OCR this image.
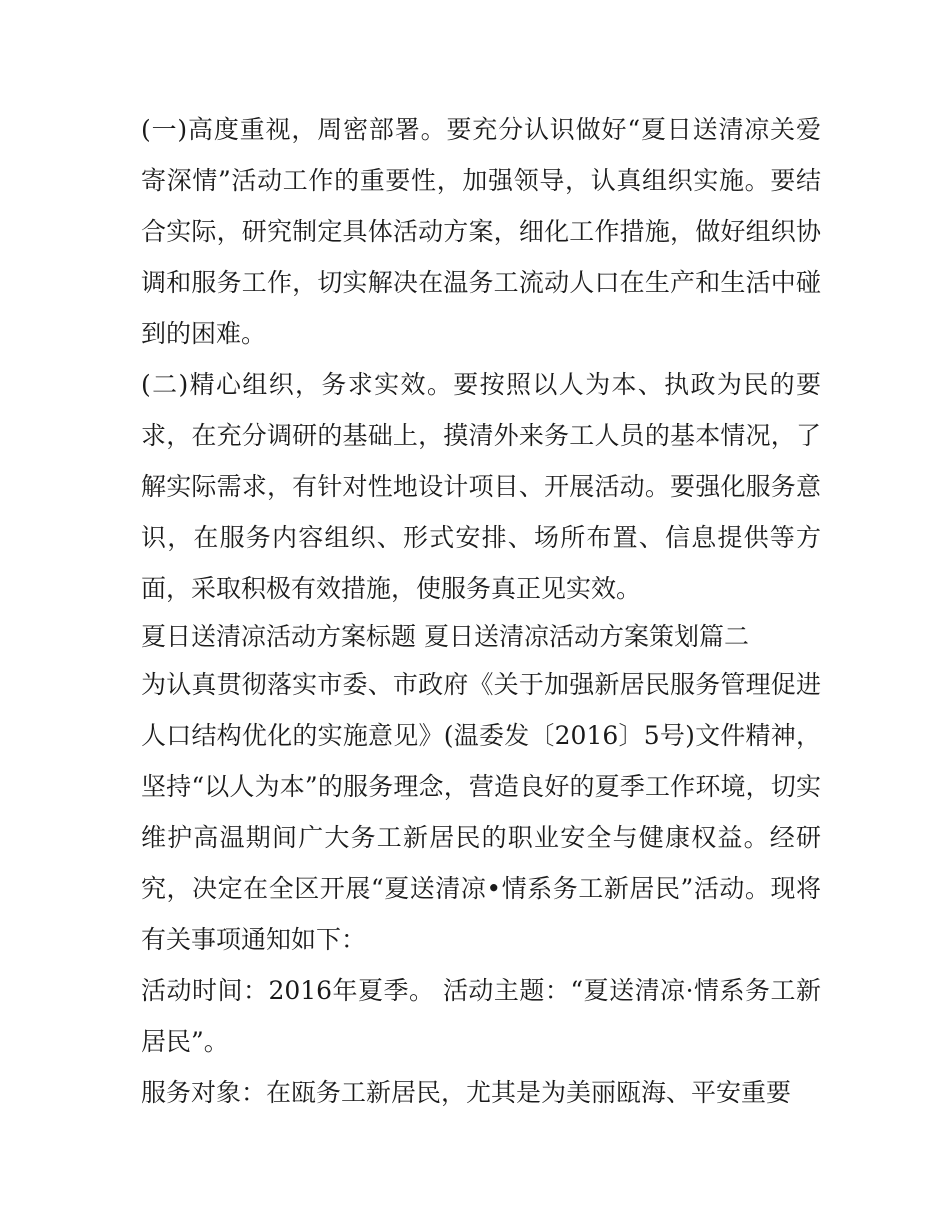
(一)高度重视，周密部署。要充分认识做好“夏日送清凉关爱寄深情”活动工作的重要性，加强领导，认真组织实施。要结合实际，研究制定具体活动方案，细化工作措施，做好组织协调和服务工作，切实解决在温务工流动人口在生产和生活中碰到的困难。

(二)精心组织，务求实效。要按照以人为本、执政为民的要求，在充分调研的基础上，摸清外来务工人员的基本情况，了解实际需求，有针对性地设计项目、开展活动。要强化服务意识，在服务内容组织、形式安排、场所布置、信息提供等方面，采取积极有效措施，使服务真正见实效。

夏日送清凉活动方案标题 夏日送清凉活动方案策划篇二

为认真贯彻落实市委、市政府《关于加强新居民服务管理促进人口结构优化的实施意见》(温委发〔2016〕5号)文件精神，坚持“以人为本”的服务理念，营造良好的夏季工作环境，切实维护高温期间广大务工新居民的职业安全与健康权益。经研究，决定在全区开展“夏送清凉•情系务工新居民”活动。现将有关事项通知如下：

活动时间：2016年夏季。 活动主题：“夏送清凉·情系务工新居民”。

服务对象：在瓯务工新居民，尤其是为美丽瓯海、平安重要
